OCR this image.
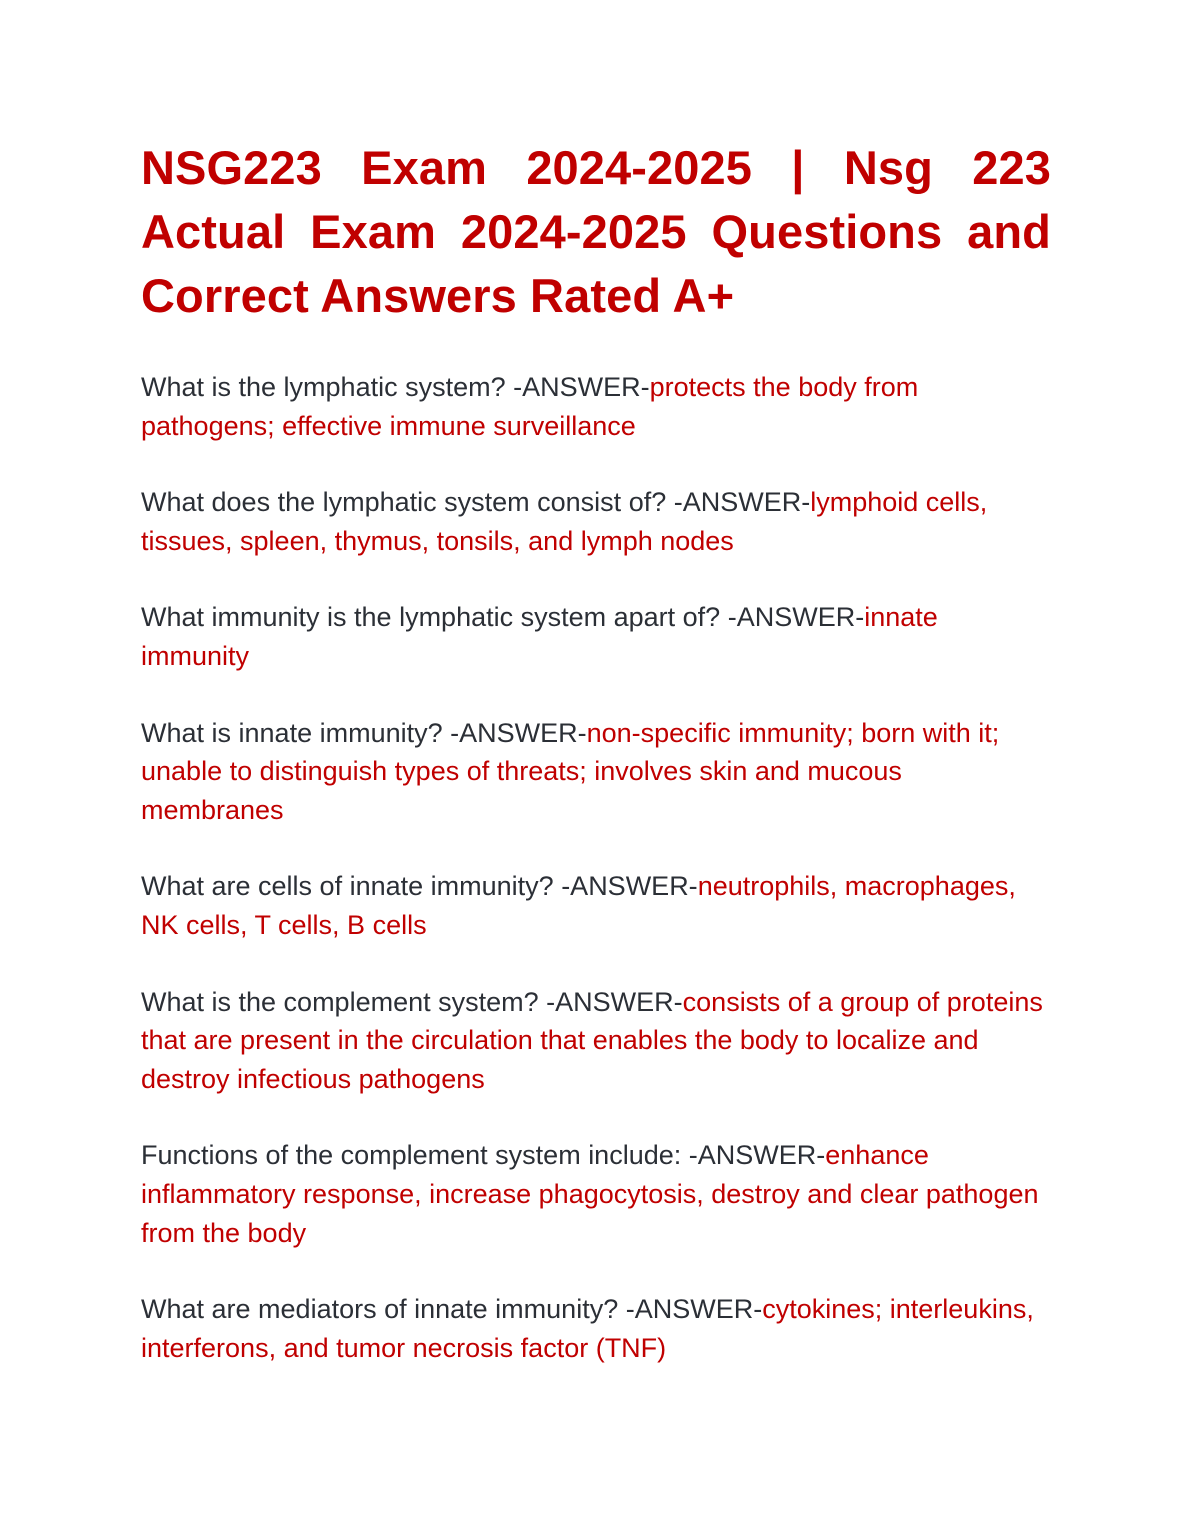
NSG223 Exam 2024-2025 | Nsg 223 Actual Exam 2024-2025 Questions and Correct Answers Rated A+

What is the lymphatic system? -ANSWER-protects the body from pathogens; effective immune surveillance

What does the lymphatic system consist of? -ANSWER-lymphoid cells, tissues, spleen, thymus, tonsils, and lymph nodes

What immunity is the lymphatic system apart of? -ANSWER-innate immunity

What is innate immunity? -ANSWER-non-specific immunity; born with it; unable to distinguish types of threats; involves skin and mucous membranes

What are cells of innate immunity? -ANSWER-neutrophils, macrophages, NK cells, T cells, B cells

What is the complement system? -ANSWER-consists of a group of proteins that are present in the circulation that enables the body to localize and destroy infectious pathogens

Functions of the complement system include: -ANSWER-enhance inflammatory response, increase phagocytosis, destroy and clear pathogen from the body

What are mediators of innate immunity? -ANSWER-cytokines; interleukins, interferons, and tumor necrosis factor (TNF)
